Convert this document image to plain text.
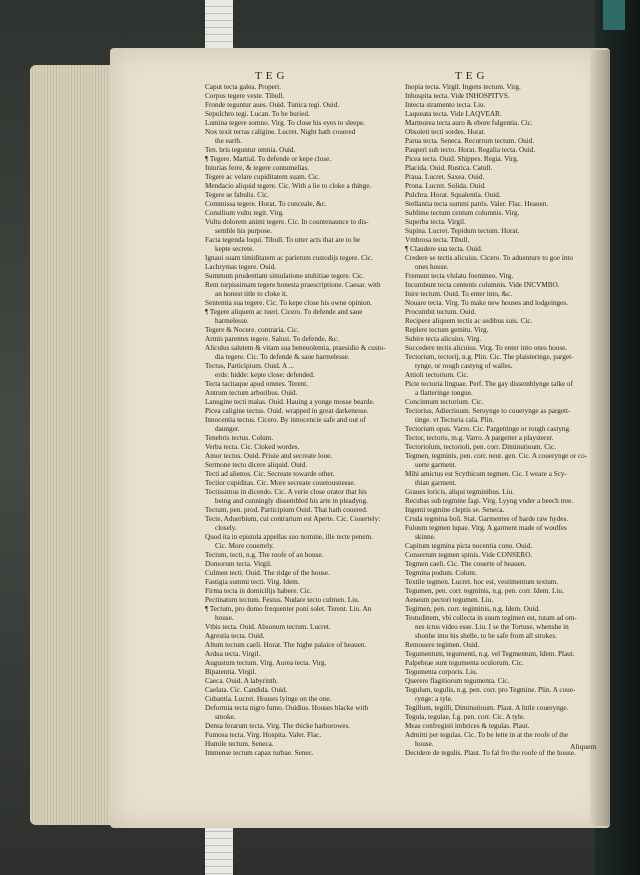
TEG	TEG
Caput tecta galea. Propert.
Corpus tegere veste. Tibull.
Fronde teguntur aues. Ouid. Tunica tegi. Ouid.
Sepulchro tegi. Lucan. To be buried.
Lumina tegere somno. Virg. To close his eyes to sleepe.
Nox texit terras caligine. Lucret. Night hath couered
the earth.
Ten. bris teguntur omnia. Ouid.
¶ Tegere. Martial. To defende or kepe close.
Iniurias ferre, & tegere contumelias.
Tegere ac velare cupiditatem suam. Cic.
Mendacio aliquid tegere. Cic. With a lie to cloke a thinge.
Tegere se fabulis. Cic.
Commissa tegere. Horat. To conceale, &c.
Consilium vultu tegit. Virg.
Vultu dolorem animi tegere. Cic. In countenaunce to dis-
semble his purpose.
Facta tegenda loqui. Tibull. To utter acts that are to be
kepte secrete.
Ignaui suam timiditatem ac parietum custodijs tegere. Cic.
Lachrymas tegere. Ouid.
Summum prudentiam simulatione stultitiae tegere. Cic.
Rem turpissimam tegere honesta praescriptione. Caesar. with
an honest title to cloke it.
Sententia sua tegere. Cic. To kepe close his owne opinion.
¶ Tegere aliquem ac tueri. Cicero. To defende and saue
harmelesse.
Tegere & Nocere. contraria. Cic.
Armis parentes tegere. Salust. To defende, &c.
Aliculus salutem & vitam sua beneuolentia, praesidio & custo-
dia tegere. Cic. To defende & saue harmelesse.
Tectus, Participium. Ouid. A ...
erds: hidde: kepte close: defended.
Tecta tacitaque apud omnes. Terent.
Antrum tectum arboribus. Ouid.
Lanugine tecti malas. Ouid. Hauing a yonge mosse bearde.
Picea caligine tectus. Ouid. wrapped in great darkenesse.
Innocentia tectus. Cicero. By innocencie safe and out of
daunger.
Tenebris tectus. Colum.
Verba tecta. Cic. Cloked wordes.
Amor tectus. Ouid. Priuie and secreate loue.
Sermone tecto dicere aliquid. Ouid.
Tecti ad alienos. Cic. Secreate towarde other.
Tectior cupiditas. Cic. More secreate couetousnesse.
Tectissimus in dicendo. Cic. A verie close orator that his
being and cunningly dissembled his arte in pleadyng.
Tectum, pen. prod. Participium Ouid. That hath couered.
Tecte, Aduerbium, cui contrarium est Aperte. Cic. Couertely:
closely.
Quod ita in epistola appellas suo nomine, ille tecte penem.
Cic. More couertely.
Tectum, tecti, n.g. The roofe of an house.
Domorum tecta. Virgil.
Culmen tecti. Ouid. The ridge of the house.
Fastigia summi tecti. Virg. Idem.
Firma tecta in domicilijs habere. Cic.
Pectinatum tectum. Festus. Nudare tecto culmen. Liu.
¶ Tectum, pro domo frequenter poni solet. Terent. Liu. An
house.
Vtbis tecta. Ouid. Absonum tectum. Lucret.
Agrestia tecta. Ouid.
Altum tectum caeli. Horat. The highe palaice of heauen.
Ardua tecta. Virgil.
Augustum tectum. Virg. Aurea tecta. Virg.
Bipatentia. Virgil.
Caeca. Ouid. A labyrinth.
Caelata. Cic. Candida. Ouid.
Cubantia. Lucret. Houses lyinge on the one.
Deformia tecta nigro fumo. Ouidius. Houses blacke with
smoke.
Densa ferarum tecta. Virg. The thicke harborowes.
Fumosa tecta. Virg. Hospita. Valer. Flac.
Humile tectum. Seneca.
Immense tectum capax turbae. Senec.
Inopia tecta. Virgil. Ingens tectum. Virg.
Inhospita tecta. Vide INHOSPITVS.
Intecta stramento tecta. Liu.
Laqueata tecta. Vide LAQVEAR.
Marmorea tecta auro & ebore fulgentia. Cic.
Obsoleti tecti sordes. Horat.
Parua tecta. Seneca. Recurrum tectum. Ouid.
Pauperi sub tecto. Horat. Regalia tecta. Ouid.
Picea tecta. Ouid. Shippes. Regia. Virg.
Placida. Ouid. Rustica. Catull.
Praua. Lucret. Saxea. Ouid.
Prona. Lucret. Solida. Ouid.
Pulchra. Horat. Squalentia. Ouid.
Stellantia tecta summi patris. Valer. Flac. Heauen.
Sublime tectum centum columnis. Virg.
Superba tecta. Virgil.
Supina. Lucret. Tepidum tectum. Horat.
Vmbrosa tecta. Tibull.
¶ Claudere sua tecta. Ouid.
Credere se tectis alicuius. Cicero. To aduenture to goe into
ones house.
Fremunt tecta vlulatu foemineo. Virg.
Incumbunt tecta centenis columnis. Vide INCVMBO.
Inire tectum. Ouid. To enter into, &c.
Nouare tecta. Virg. To make new houses and lodgeinges.
Procumbit tectum. Ouid.
Recipere aliquem tectis ac sedibus suis. Cic.
Replere tectum gemitu. Virg.
Subire tecta alicuius. Virg.
Succedere tectis alicuius. Virg. To enter into ones house.
Tectorium, tectorij, n.g. Plin. Cic. The plaisteringe, parget-
tynge, or rough castyng of walles.
Attioli tectorium. Cic.
Picte tectoria linguae. Perf. The gay dissemblynge talke of
a flatteringe tongue.
Concinnum tectorium. Cic.
Tectorius, Adiectiuum. Seruynge to couerynge as pargett-
tinge. vt Tectoria cala. Plin.
Tectorium opus. Varro. Cic. Pargettinge or rough castyng.
Tector, tectoris, m.g. Varro. A pargetter a playsterer.
Tectoriolum, tectorioli, pen. corr. Diminutiuum. Cic.
Tegmen, tegminis, pen. corr. neut. gen. Cic. A couerynge or co-
uerte garment.
Mihi amictus est Scythicum tegmen. Cic. I weare a Scy-
thian garment.
Graues loricis, aliqui tegminibus. Liu.
Recubas sub tegmine fagi. Virg. Lyyng vnder a beech tree.
Ingenti tegmine cleptis se. Seneca.
Cruda tegmina boū. Stat. Garmentes of harde raw hydes.
Fuluum tegmen lupae. Virg. A garment made of woulfes
skinne.
Capitum tegmina picta nocentia cono. Ouid.
Consertum tegmen spinis. Vide CONSERO.
Tegmen caeli. Cic. The couerte of heauen.
Tegmina podum. Colum.
Textile tegmen. Lucret. hoc est, vestimentum textum.
Tegumen, pen. corr. tegminis, n.g. pen. corr. Idem. Liu.
Aeneum pectori tegumen. Liu.
Tegimen, pen. corr. tegiminis, n.g. Idem. Ouid.
Testudinem, vbi collecta in suum tegimen est, tutam ad om-
nes ictus video esse. Liu. I se the Tortuse, whenshe in
shonhe into his shelle, to be safe from all strokes.
Remouere tegimen. Ouid.
Tegumentum, tegumenti, n.g. vel Tegmentum, Idem. Plaut.
Palpebrae sunt tegumenta oculorum. Cic.
Tegumenta corporis. Liu.
Querere flagitiorum tegumenta. Cic.
Tegulum, tegulis, n.g. pen. corr. pro Tegmine. Plin. A coue-
rynge: a tyle.
Tegillum, tegilli, Diminutiuum. Plaut. A little couerynge.
Tegula, tegulae, f.g. pen. corr. Cic. A tyle.
Meas confregisti imbrices & tegulas. Plaut.
Admitti per tegulas. Cic. To be lette in at the roofe of the
house.
Decidere de tegulis. Plaut. To fal fro the roofe of the house.
Aliquem
